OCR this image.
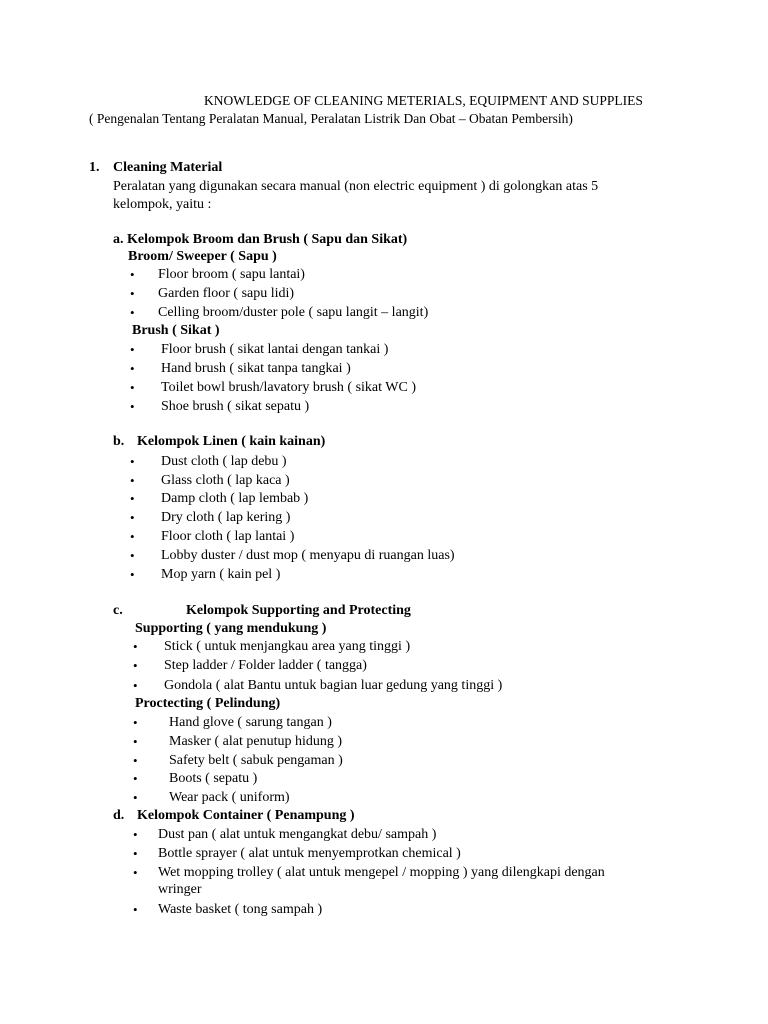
KNOWLEDGE OF CLEANING METERIALS, EQUIPMENT AND SUPPLIES
( Pengenalan Tentang Peralatan Manual, Peralatan Listrik Dan Obat – Obatan Pembersih)
1. Cleaning Material
Peralatan yang digunakan secara manual (non electric equipment ) di golongkan atas 5
kelompok, yaitu :
a. Kelompok Broom dan Brush ( Sapu dan Sikat)
Broom/ Sweeper ( Sapu )
• Floor broom ( sapu lantai)
• Garden floor ( sapu lidi)
• Celling broom/duster pole ( sapu langit – langit)
Brush ( Sikat )
• Floor brush ( sikat lantai dengan tankai )
• Hand brush ( sikat tanpa tangkai )
• Toilet bowl brush/lavatory brush ( sikat WC )
• Shoe brush ( sikat sepatu )
b. Kelompok Linen ( kain kainan)
• Dust cloth ( lap debu )
• Glass cloth ( lap kaca )
• Damp cloth ( lap lembab )
• Dry cloth ( lap kering )
• Floor cloth ( lap lantai )
• Lobby duster / dust mop ( menyapu di ruangan luas)
• Mop yarn ( kain pel )
c.	Kelompok Supporting and Protecting
Supporting ( yang mendukung )
• Stick ( untuk menjangkau area yang tinggi )
• Step ladder / Folder ladder ( tangga)
• Gondola ( alat Bantu untuk bagian luar gedung yang tinggi )
Proctecting ( Pelindung)
• Hand glove ( sarung tangan )
• Masker ( alat penutup hidung )
• Safety belt ( sabuk pengaman )
• Boots ( sepatu )
• Wear pack ( uniform)
d. Kelompok Container ( Penampung )
• Dust pan ( alat untuk mengangkat debu/ sampah )
• Bottle sprayer ( alat untuk menyemprotkan chemical )
• Wet mopping trolley ( alat untuk mengepel / mopping ) yang dilengkapi dengan
wringer
• Waste basket ( tong sampah )
